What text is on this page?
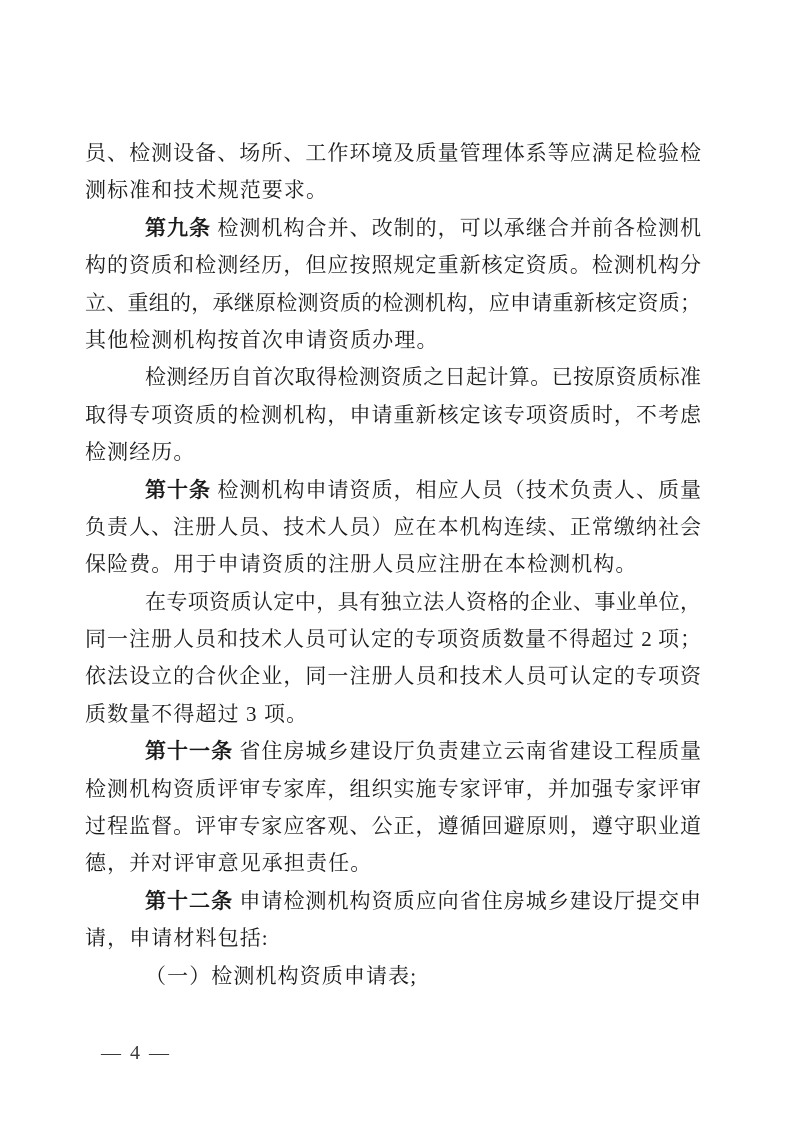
员、检测设备、场所、工作环境及质量管理体系等应满足检验检
测标准和技术规范要求。
第九条 检测机构合并、改制的，可以承继合并前各检测机
构的资质和检测经历，但应按照规定重新核定资质。检测机构分
立、重组的，承继原检测资质的检测机构，应申请重新核定资质；
其他检测机构按首次申请资质办理。
检测经历自首次取得检测资质之日起计算。已按原资质标准
取得专项资质的检测机构，申请重新核定该专项资质时，不考虑
检测经历。
第十条 检测机构申请资质，相应人员（技术负责人、质量
负责人、注册人员、技术人员）应在本机构连续、正常缴纳社会
保险费。用于申请资质的注册人员应注册在本检测机构。
在专项资质认定中，具有独立法人资格的企业、事业单位，
同一注册人员和技术人员可认定的专项资质数量不得超过 2 项；
依法设立的合伙企业，同一注册人员和技术人员可认定的专项资
质数量不得超过 3 项。
第十一条 省住房城乡建设厅负责建立云南省建设工程质量
检测机构资质评审专家库，组织实施专家评审，并加强专家评审
过程监督。评审专家应客观、公正，遵循回避原则，遵守职业道
德，并对评审意见承担责任。
第十二条 申请检测机构资质应向省住房城乡建设厅提交申
请，申请材料包括:
（一）检测机构资质申请表;
— 4 —
